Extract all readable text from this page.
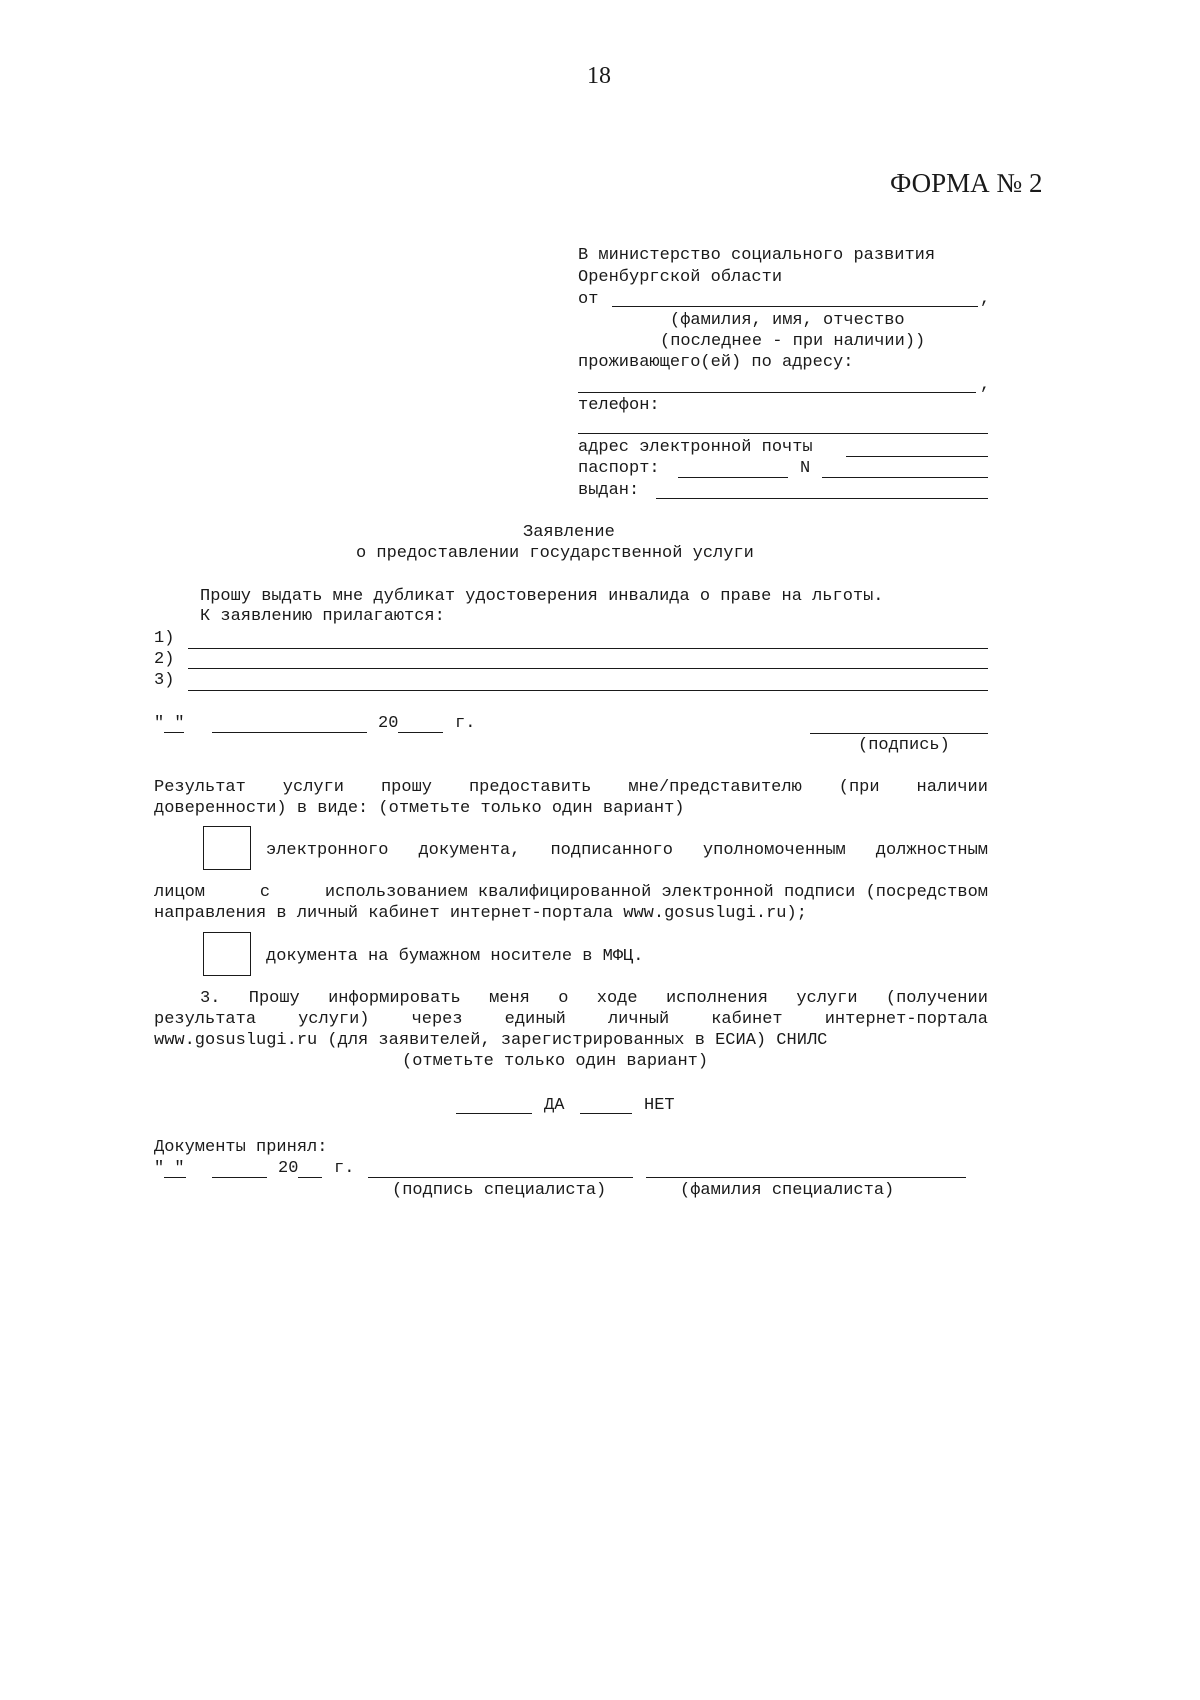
18
ФОРМА № 2
В министерство социального развития
Оренбургской области
от	,
(фамилия, имя, отчество
(последнее - при наличии))
проживающего(ей) по адресу:
,
телефон:
адрес электронной почты
паспорт:	N
выдан:
Заявление
о предоставлении государственной услуги
Прошу выдать мне дубликат удостоверения инвалида о праве на льготы.
К заявлению прилагаются:
1)
2)
3)
" "	20	г.
(подпись)
Результат услуги прошу предоставить мне/представителю (при наличии
доверенности) в виде: (отметьте только один вариант)
электронного документа, подписанного уполномоченным должностным
лицом	с	использованием квалифицированной электронной подписи (посредством
направления в личный кабинет интернет-портала www.gosuslugi.ru);
документа на бумажном носителе в МФЦ.
3. Прошу информировать меня о ходе исполнения услуги (получении
результата услуги) через единый личный кабинет интернет-портала
www.gosuslugi.ru (для заявителей, зарегистрированных в ЕСИА) СНИЛС
(отметьте только один вариант)
ДА	НЕТ
Документы принял:
" "	20 г.
(подпись специалиста)	(фамилия специалиста)
